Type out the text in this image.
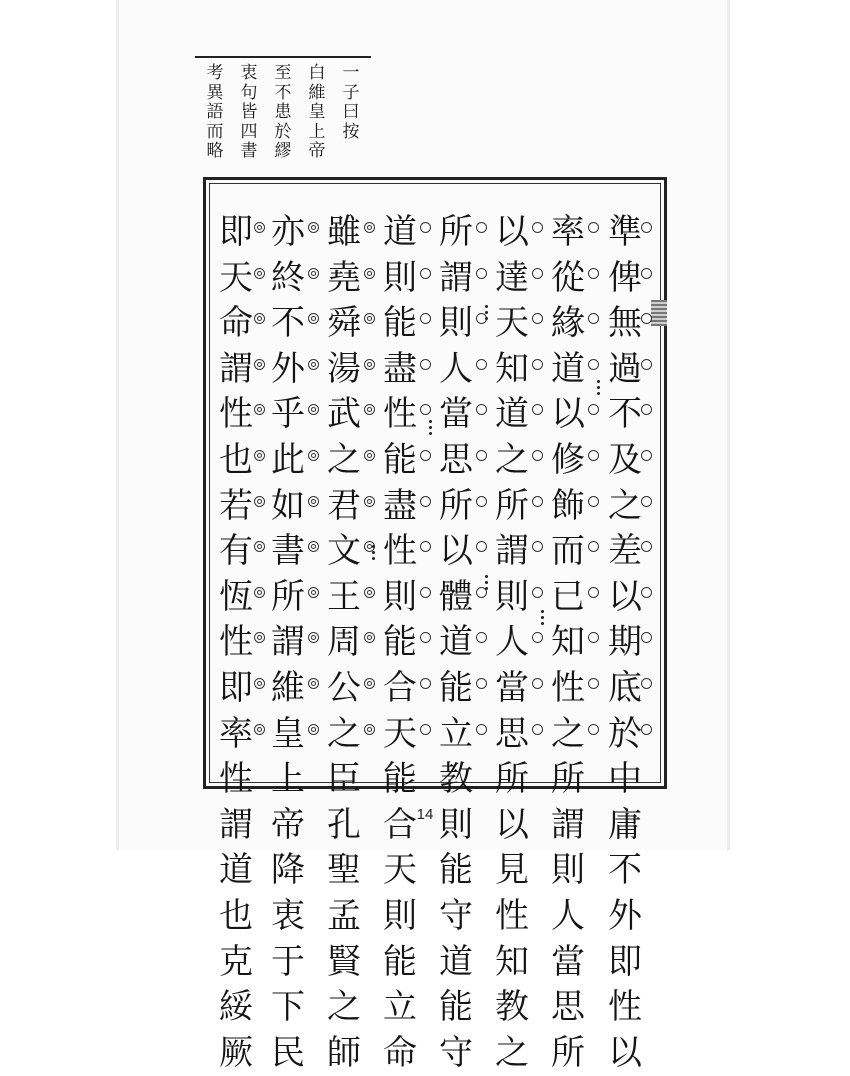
一子曰按
白維皇上帝
至不患於繆
衷句皆四書
考異語而略
準俾無過不及之差以期底於中庸不外即性以
率從緣道以修飾而已知性之所謂則人當思所
以達天知道之所謂則人當思所以見性知教之
所謂則人當思所以體道能立教則能守道能守
道則能盡性能盡性則能合天能合天則能立命
雖堯舜湯武之君文王周公之臣孔聖孟賢之師
亦終不外乎此如書所謂維皇上帝降衷于下民
即天命謂性也若有恆性即率性謂道也克綏厥
14
